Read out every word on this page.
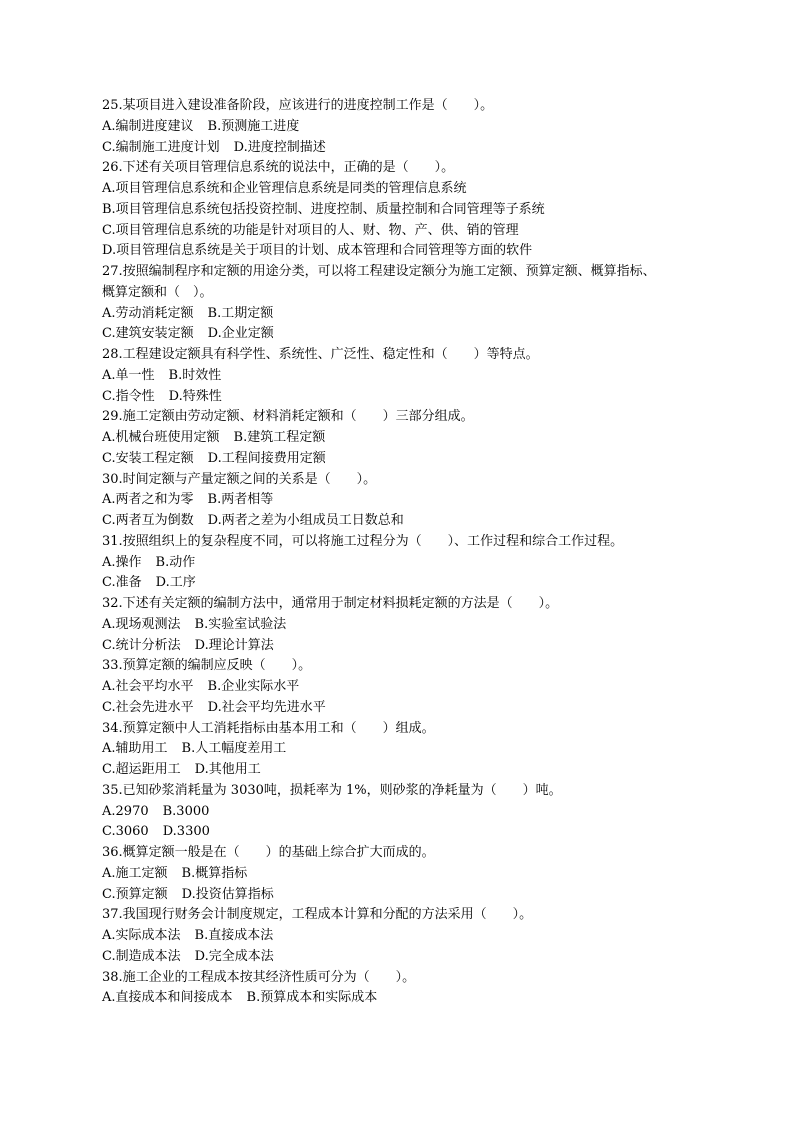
25.某项目进入建设准备阶段，应该进行的进度控制工作是（　　）。
A.编制进度建议 B.预测施工进度
C.编制施工进度计划 D.进度控制描述
26.下述有关项目管理信息系统的说法中，正确的是（　　）。
A.项目管理信息系统和企业管理信息系统是同类的管理信息系统
B.项目管理信息系统包括投资控制、进度控制、质量控制和合同管理等子系统
C.项目管理信息系统的功能是针对项目的人、财、物、产、供、销的管理
D.项目管理信息系统是关于项目的计划、成本管理和合同管理等方面的软件
27.按照编制程序和定额的用途分类，可以将工程建设定额分为施工定额、预算定额、概算指标、
概算定额和（　）。
A.劳动消耗定额 B.工期定额
C.建筑安装定额 D.企业定额
28.工程建设定额具有科学性、系统性、广泛性、稳定性和（　　）等特点。
A.单一性 B.时效性
C.指令性 D.特殊性
29.施工定额由劳动定额、材料消耗定额和（　　）三部分组成。
A.机械台班使用定额 B.建筑工程定额
C.安装工程定额 D.工程间接费用定额
30.时间定额与产量定额之间的关系是（　　）。
A.两者之和为零 B.两者相等
C.两者互为倒数 D.两者之差为小组成员工日数总和
31.按照组织上的复杂程度不同，可以将施工过程分为（　　）、工作过程和综合工作过程。
A.操作 B.动作
C.准备 D.工序
32.下述有关定额的编制方法中，通常用于制定材料损耗定额的方法是（　　）。
A.现场观测法 B.实验室试验法
C.统计分析法 D.理论计算法
33.预算定额的编制应反映（　　）。
A.社会平均水平 B.企业实际水平
C.社会先进水平 D.社会平均先进水平
34.预算定额中人工消耗指标由基本用工和（　　）组成。
A.辅助用工 B.人工幅度差用工
C.超运距用工 D.其他用工
35.已知砂浆消耗量为 3030吨，损耗率为 1%，则砂浆的净耗量为（　　）吨。
A.2970 B.3000
C.3060 D.3300
36.概算定额一般是在（　　）的基础上综合扩大而成的。
A.施工定额 B.概算指标
C.预算定额 D.投资估算指标
37.我国现行财务会计制度规定，工程成本计算和分配的方法采用（　　）。
A.实际成本法 B.直接成本法
C.制造成本法 D.完全成本法
38.施工企业的工程成本按其经济性质可分为（　　）。
A.直接成本和间接成本 B.预算成本和实际成本
